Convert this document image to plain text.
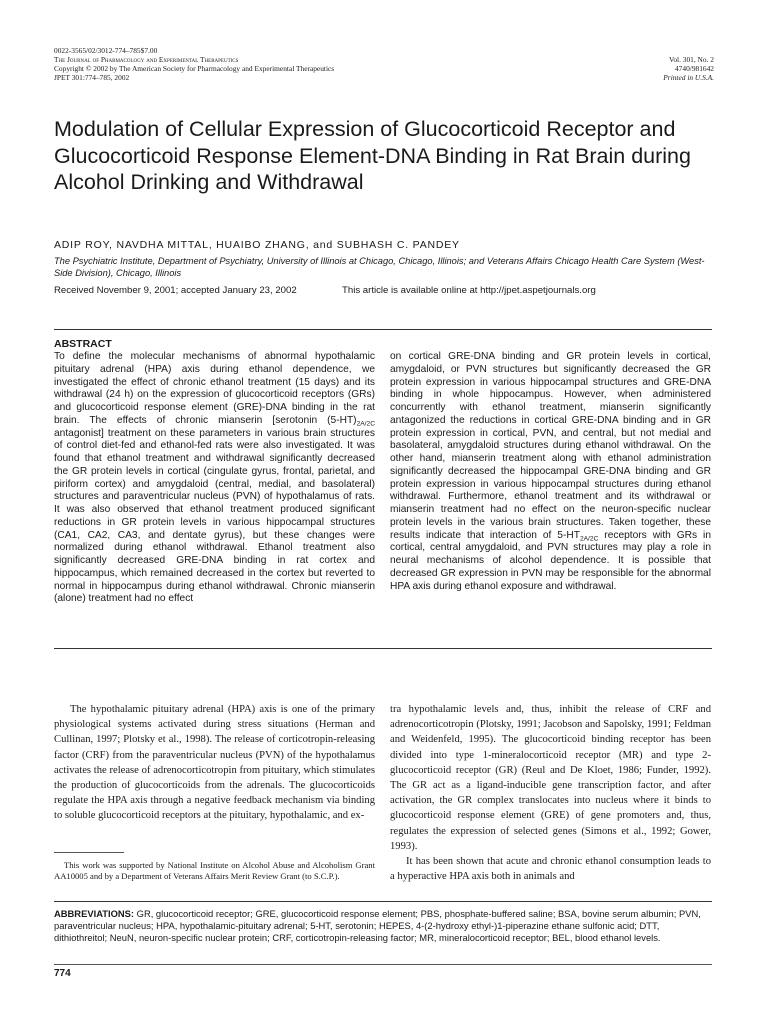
0022-3565/02/3012-774–785$7.00
The Journal of Pharmacology and Experimental Therapeutics
Copyright © 2002 by The American Society for Pharmacology and Experimental Therapeutics
JPET 301:774–785, 2002
Vol. 301, No. 2
4740/981642
Printed in U.S.A.
Modulation of Cellular Expression of Glucocorticoid Receptor and Glucocorticoid Response Element-DNA Binding in Rat Brain during Alcohol Drinking and Withdrawal
ADIP ROY, NAVDHA MITTAL, HUAIBO ZHANG, and SUBHASH C. PANDEY
The Psychiatric Institute, Department of Psychiatry, University of Illinois at Chicago, Chicago, Illinois; and Veterans Affairs Chicago Health Care System (West-Side Division), Chicago, Illinois
Received November 9, 2001; accepted January 23, 2002	This article is available online at http://jpet.aspetjournals.org
ABSTRACT
To define the molecular mechanisms of abnormal hypothalamic pituitary adrenal (HPA) axis during ethanol dependence, we investigated the effect of chronic ethanol treatment (15 days) and its withdrawal (24 h) on the expression of glucocorticoid receptors (GRs) and glucocorticoid response element (GRE)-DNA binding in the rat brain. The effects of chronic mianserin [serotonin $(5-HT)_{2A/2C}$ antagonist] treatment on these parameters in various brain structures of control diet-fed and ethanol-fed rats were also investigated. It was found that ethanol treatment and withdrawal significantly decreased the GR protein levels in cortical (cingulate gyrus, frontal, parietal, and piriform cortex) and amygdaloid (central, medial, and basolateral) structures and paraventricular nucleus (PVN) of hypothalamus of rats. It was also observed that ethanol treatment produced significant reductions in GR protein levels in various hippocampal structures (CA1, CA2, CA3, and dentate gyrus), but these changes were normalized during ethanol withdrawal. Ethanol treatment also significantly decreased GRE-DNA binding in rat cortex and hippocampus, which remained decreased in the cortex but reverted to normal in hippocampus during ethanol withdrawal. Chronic mianserin (alone) treatment had no effect
on cortical GRE-DNA binding and GR protein levels in cortical, amygdaloid, or PVN structures but significantly decreased the GR protein expression in various hippocampal structures and GRE-DNA binding in whole hippocampus. However, when administered concurrently with ethanol treatment, mianserin significantly antagonized the reductions in cortical GRE-DNA binding and in GR protein expression in cortical, PVN, and central, but not medial and basolateral, amygdaloid structures during ethanol withdrawal. On the other hand, mianserin treatment along with ethanol administration significantly decreased the hippocampal GRE-DNA binding and GR protein expression in various hippocampal structures during ethanol withdrawal. Furthermore, ethanol treatment and its withdrawal or mianserin treatment had no effect on the neuron-specific nuclear protein levels in the various brain structures. Taken together, these results indicate that interaction of $5-HT_{2A/2C}$ receptors with GRs in cortical, central amygdaloid, and PVN structures may play a role in neural mechanisms of alcohol dependence. It is possible that decreased GR expression in PVN may be responsible for the abnormal HPA axis during ethanol exposure and withdrawal.
The hypothalamic pituitary adrenal (HPA) axis is one of the primary physiological systems activated during stress situations (Herman and Cullinan, 1997; Plotsky et al., 1998). The release of corticotropin-releasing factor (CRF) from the paraventricular nucleus (PVN) of the hypothalamus activates the release of adrenocorticotropin from pituitary, which stimulates the production of glucocorticoids from the adrenals. The glucocorticoids regulate the HPA axis through a negative feedback mechanism via binding to soluble glucocorticoid receptors at the pituitary, hypothalamic, and ex-

tra hypothalamic levels and, thus, inhibit the release of CRF and adrenocorticotropin (Plotsky, 1991; Jacobson and Sapolsky, 1991; Feldman and Weidenfeld, 1995). The glucocorticoid binding receptor has been divided into type 1-mineralocorticoid receptor (MR) and type 2-glucocorticoid receptor (GR) (Reul and De Kloet, 1986; Funder, 1992). The GR act as a ligand-inducible gene transcription factor, and after activation, the GR complex translocates into nucleus where it binds to glucocorticoid response element (GRE) of gene promoters and, thus, regulates the expression of selected genes (Simons et al., 1992; Gower, 1993).

It has been shown that acute and chronic ethanol consumption leads to a hyperactive HPA axis both in animals and

This work was supported by National Institute on Alcohol Abuse and Alcoholism Grant AA10005 and by a Department of Veterans Affairs Merit Review Grant (to S.C.P.).
ABBREVIATIONS: GR, glucocorticoid receptor; GRE, glucocorticoid response element; PBS, phosphate-buffered saline; BSA, bovine serum albumin; PVN, paraventricular nucleus; HPA, hypothalamic-pituitary adrenal; 5-HT, serotonin; HEPES, 4-(2-hydroxy ethyl-)1-piperazine ethane sulfonic acid; DTT, dithiothreitol; NeuN, neuron-specific nuclear protein; CRF, corticotropin-releasing factor; MR, mineralocorticoid receptor; BEL, blood ethanol levels.
774
